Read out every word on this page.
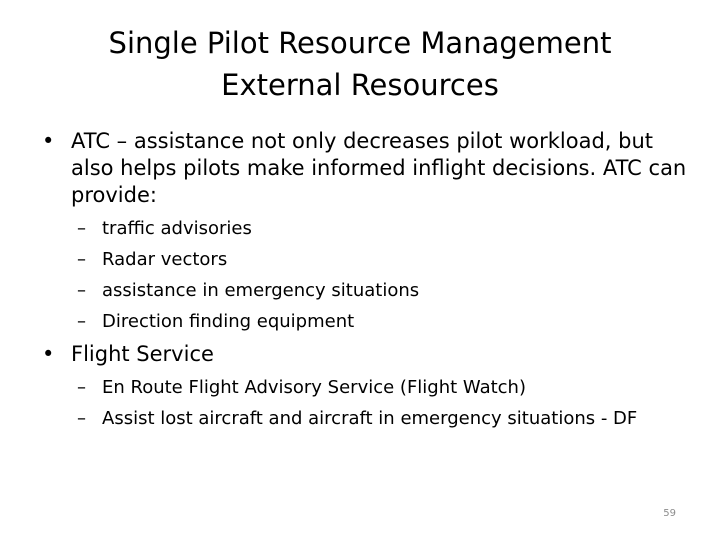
Single Pilot Resource Management
External Resources
• ATC – assistance not only decreases pilot workload, but also helps pilots make informed inflight decisions. ATC can provide:
– traffic advisories
– Radar vectors
– assistance in emergency situations
– Direction finding equipment
• Flight Service
– En Route Flight Advisory Service (Flight Watch)
– Assist lost aircraft and aircraft in emergency situations - DF
59
